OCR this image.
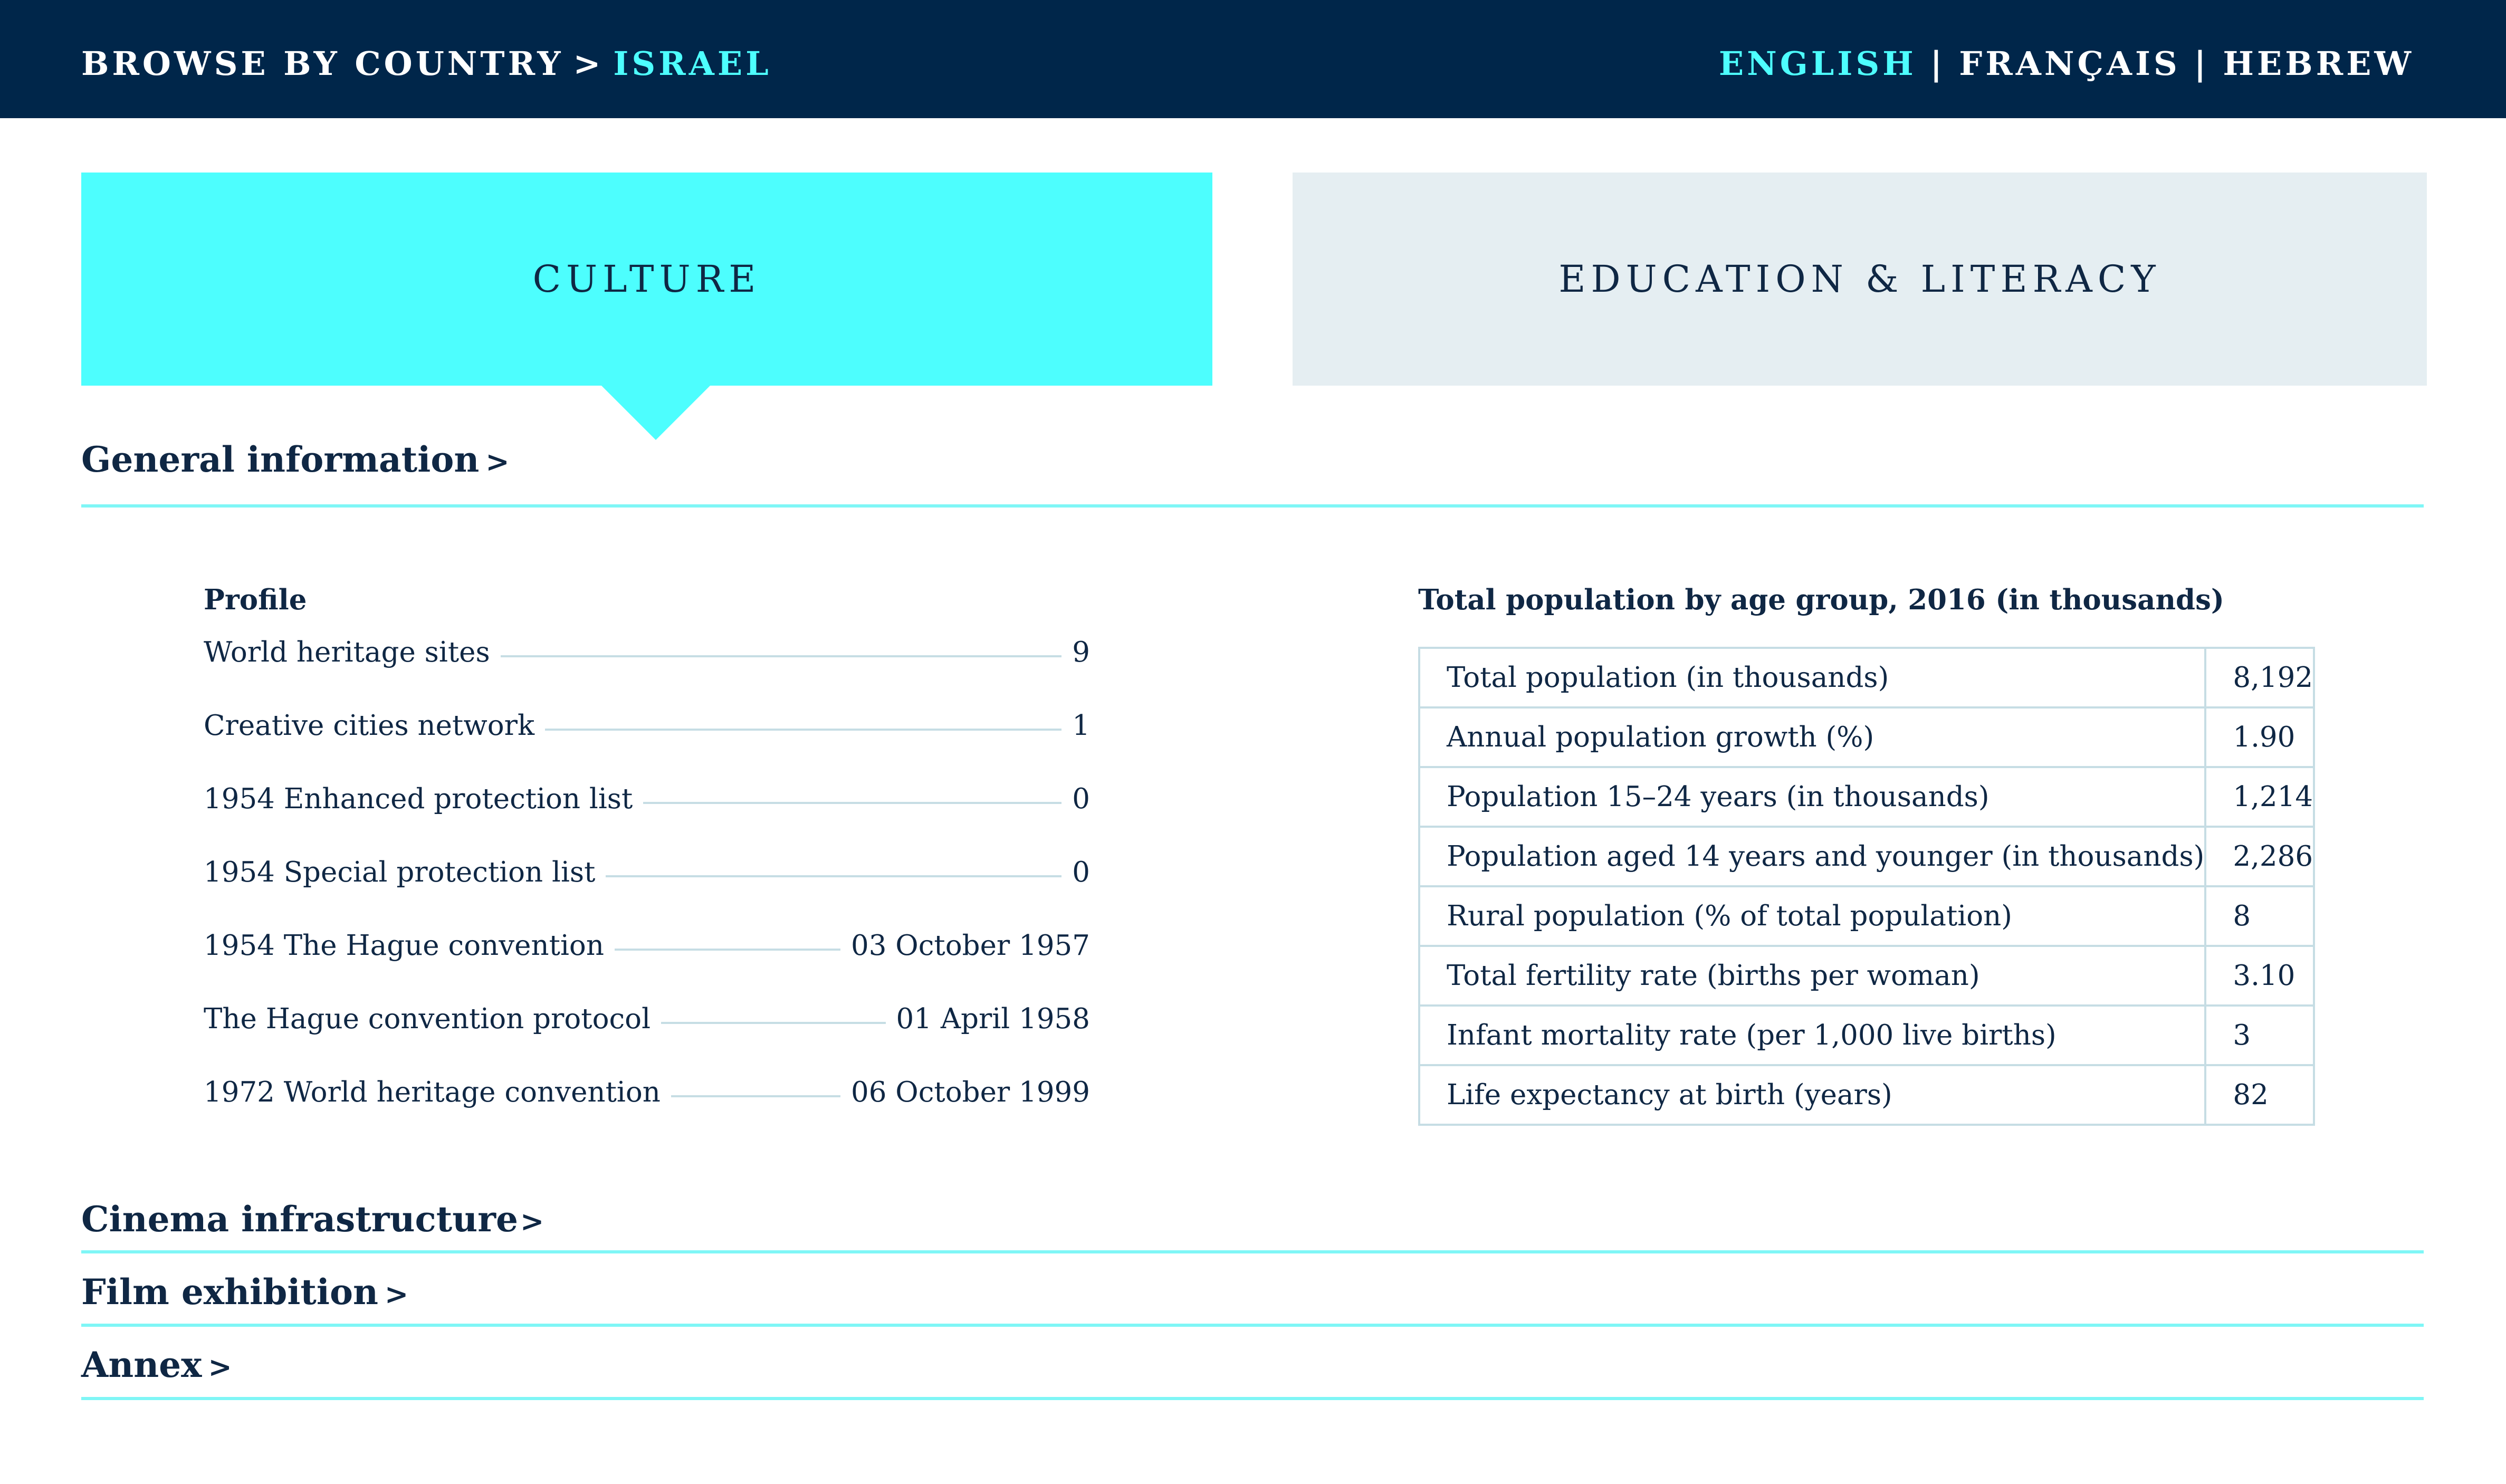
BROWSE BY COUNTRY > ISRAEL	ENGLISH | FRANÇAIS | HEBREW
CULTURE	EDUCATION & LITERACY
General information >
Profile
World heritage sites	9
Creative cities network	1
1954 Enhanced protection list	0
1954 Special protection list	0
1954 The Hague convention	03 October 1957
The Hague convention protocol	01 April 1958
1972 World heritage convention	06 October 1999
Total population by age group, 2016 (in thousands)
Total population (in thousands)	8,192
Annual population growth (%)	1.90
Population 15–24 years (in thousands)	1,214
Population aged 14 years and younger (in thousands)	2,286
Rural population (% of total population)	8
Total fertility rate (births per woman)	3.10
Infant mortality rate (per 1,000 live births)	3
Life expectancy at birth (years)	82
Cinema infrastructure>
Film exhibition >
Annex >
